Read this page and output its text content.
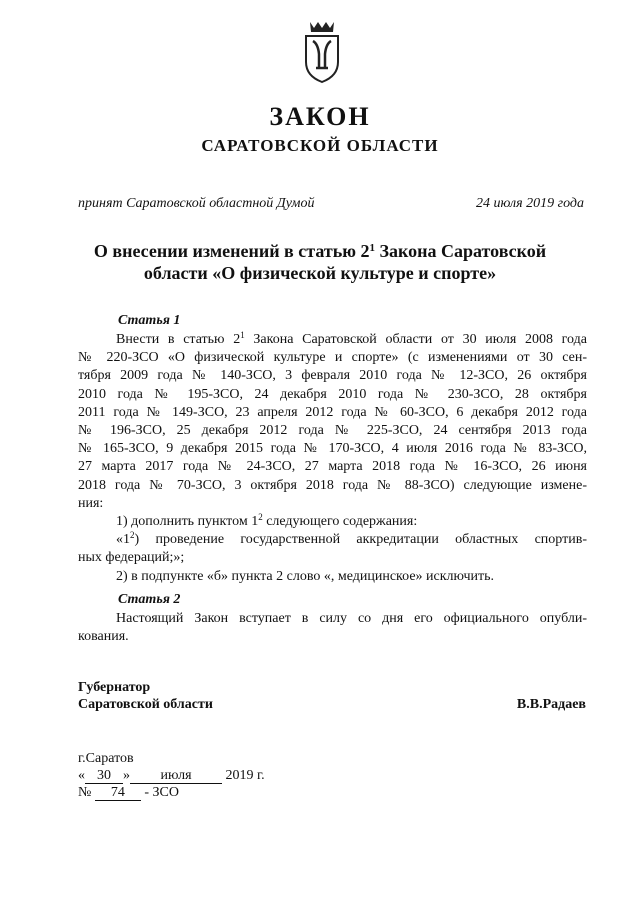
ЗАКОН
САРАТОВСКОЙ ОБЛАСТИ
принят Саратовской областной Думой	24 июля 2019 года
О внесении изменений в статью $2^1$ Закона Саратовской
области «О физической культуре и спорте»
Статья 1
Внести в статью $2^1$ Закона Саратовской области от 30 июля 2008 года
№ 220-ЗСО «О физической культуре и спорте» (с изменениями от 30 сен-
тября 2009 года № 140-ЗСО, 3 февраля 2010 года № 12-ЗСО, 26 октября
2010 года № 195-ЗСО, 24 декабря 2010 года № 230-ЗСО, 28 октября
2011 года № 149-ЗСО, 23 апреля 2012 года № 60-ЗСО, 6 декабря 2012 года
№ 196-ЗСО, 25 декабря 2012 года № 225-ЗСО, 24 сентября 2013 года
№ 165-ЗСО, 9 декабря 2015 года № 170-ЗСО, 4 июля 2016 года № 83-ЗСО,
27 марта 2017 года № 24-ЗСО, 27 марта 2018 года № 16-ЗСО, 26 июня
2018 года № 70-ЗСО, 3 октября 2018 года № 88-ЗСО) следующие измене-
ния:
1) дополнить пунктом $1^2$ следующего содержания:
«$1^2$) проведение государственной аккредитации областных спортив-
ных федераций;»;
2) в подпункте «б» пункта 2 слово «, медицинское» исключить.
Статья 2
Настоящий Закон вступает в силу со дня его официального опубли-
кования.
Губернатор
Саратовской области	В.В.Радаев
г.Саратов
« 30 » июля 2019 г.
№ 74 - ЗСО
